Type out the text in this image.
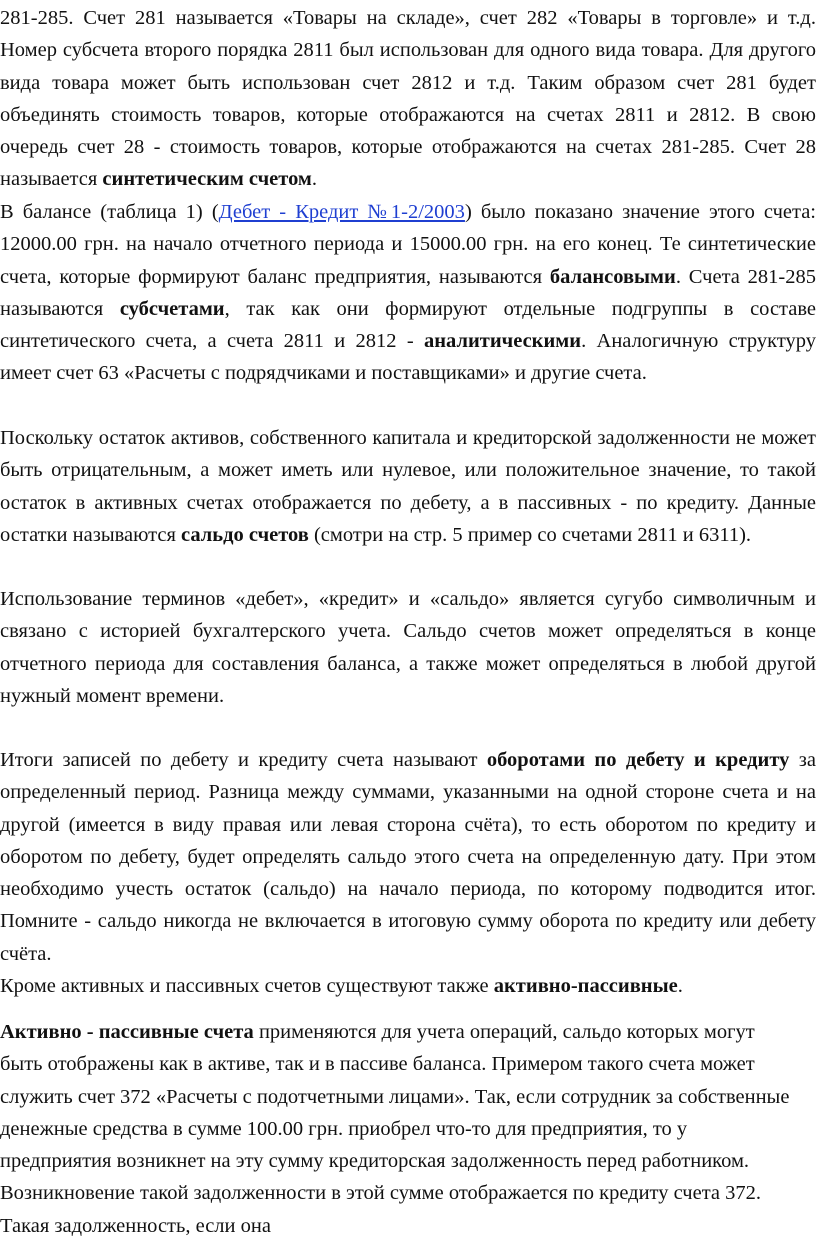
281-285. Счет 281 называется «Товары на складе», счет 282 «Товары в торговле» и т.д. Номер субсчета второго порядка 2811 был использован для одного вида товара. Для другого вида товара может быть использован счет 2812 и т.д. Таким образом счет 281 будет объединять стоимость товаров, которые отображаются на счетах 2811 и 2812. В свою очередь счет 28 - стоимость товаров, которые отображаются на счетах 281-285. Счет 28 называется синтетическим счетом.

В балансе (таблица 1) (Дебет - Кредит №1-2/2003) было показано значение этого счета: 12000.00 грн. на начало отчетного периода и 15000.00 грн. на его конец. Те синтетические счета, которые формируют баланс предприятия, называются балансовыми. Счета 281-285 называются субсчетами, так как они формируют отдельные подгруппы в составе синтетического счета, а счета 2811 и 2812 - аналитическими. Аналогичную структуру имеет счет 63 «Расчеты с подрядчиками и поставщиками» и другие счета.

Поскольку остаток активов, собственного капитала и кредиторской задолженности не может быть отрицательным, а может иметь или нулевое, или положительное значение, то такой остаток в активных счетах отображается по дебету, а в пассивных - по кредиту. Данные остатки называются сальдо счетов (смотри на стр. 5 пример со счетами 2811 и 6311).

Использование терминов «дебет», «кредит» и «сальдо» является сугубо символичным и связано с историей бухгалтерского учета. Сальдо счетов может определяться в конце отчетного периода для составления баланса, а также может определяться в любой другой нужный момент времени.

Итоги записей по дебету и кредиту счета называют оборотами по дебету и кредиту за определенный период. Разница между суммами, указанными на одной стороне счета и на другой (имеется в виду правая или левая сторона счёта), то есть оборотом по кредиту и оборотом по дебету, будет определять сальдо этого счета на определенную дату. При этом необходимо учесть остаток (сальдо) на начало периода, по которому подводится итог. Помните - сальдо никогда не включается в итоговую сумму оборота по кредиту или дебету счёта.

Кроме активных и пассивных счетов существуют также активно-пассивные.

Активно - пассивные счета применяются для учета операций, сальдо которых могут быть отображены как в активе, так и в пассиве баланса. Примером такого счета может служить счет 372 «Расчеты с подотчетными лицами». Так, если сотрудник за собственные денежные средства в сумме 100.00 грн. приобрел что-то для предприятия, то у предприятия возникнет на эту сумму кредиторская задолженность перед работником. Возникновение такой задолженности в этой сумме отображается по кредиту счета 372. Такая задолженность, если она
